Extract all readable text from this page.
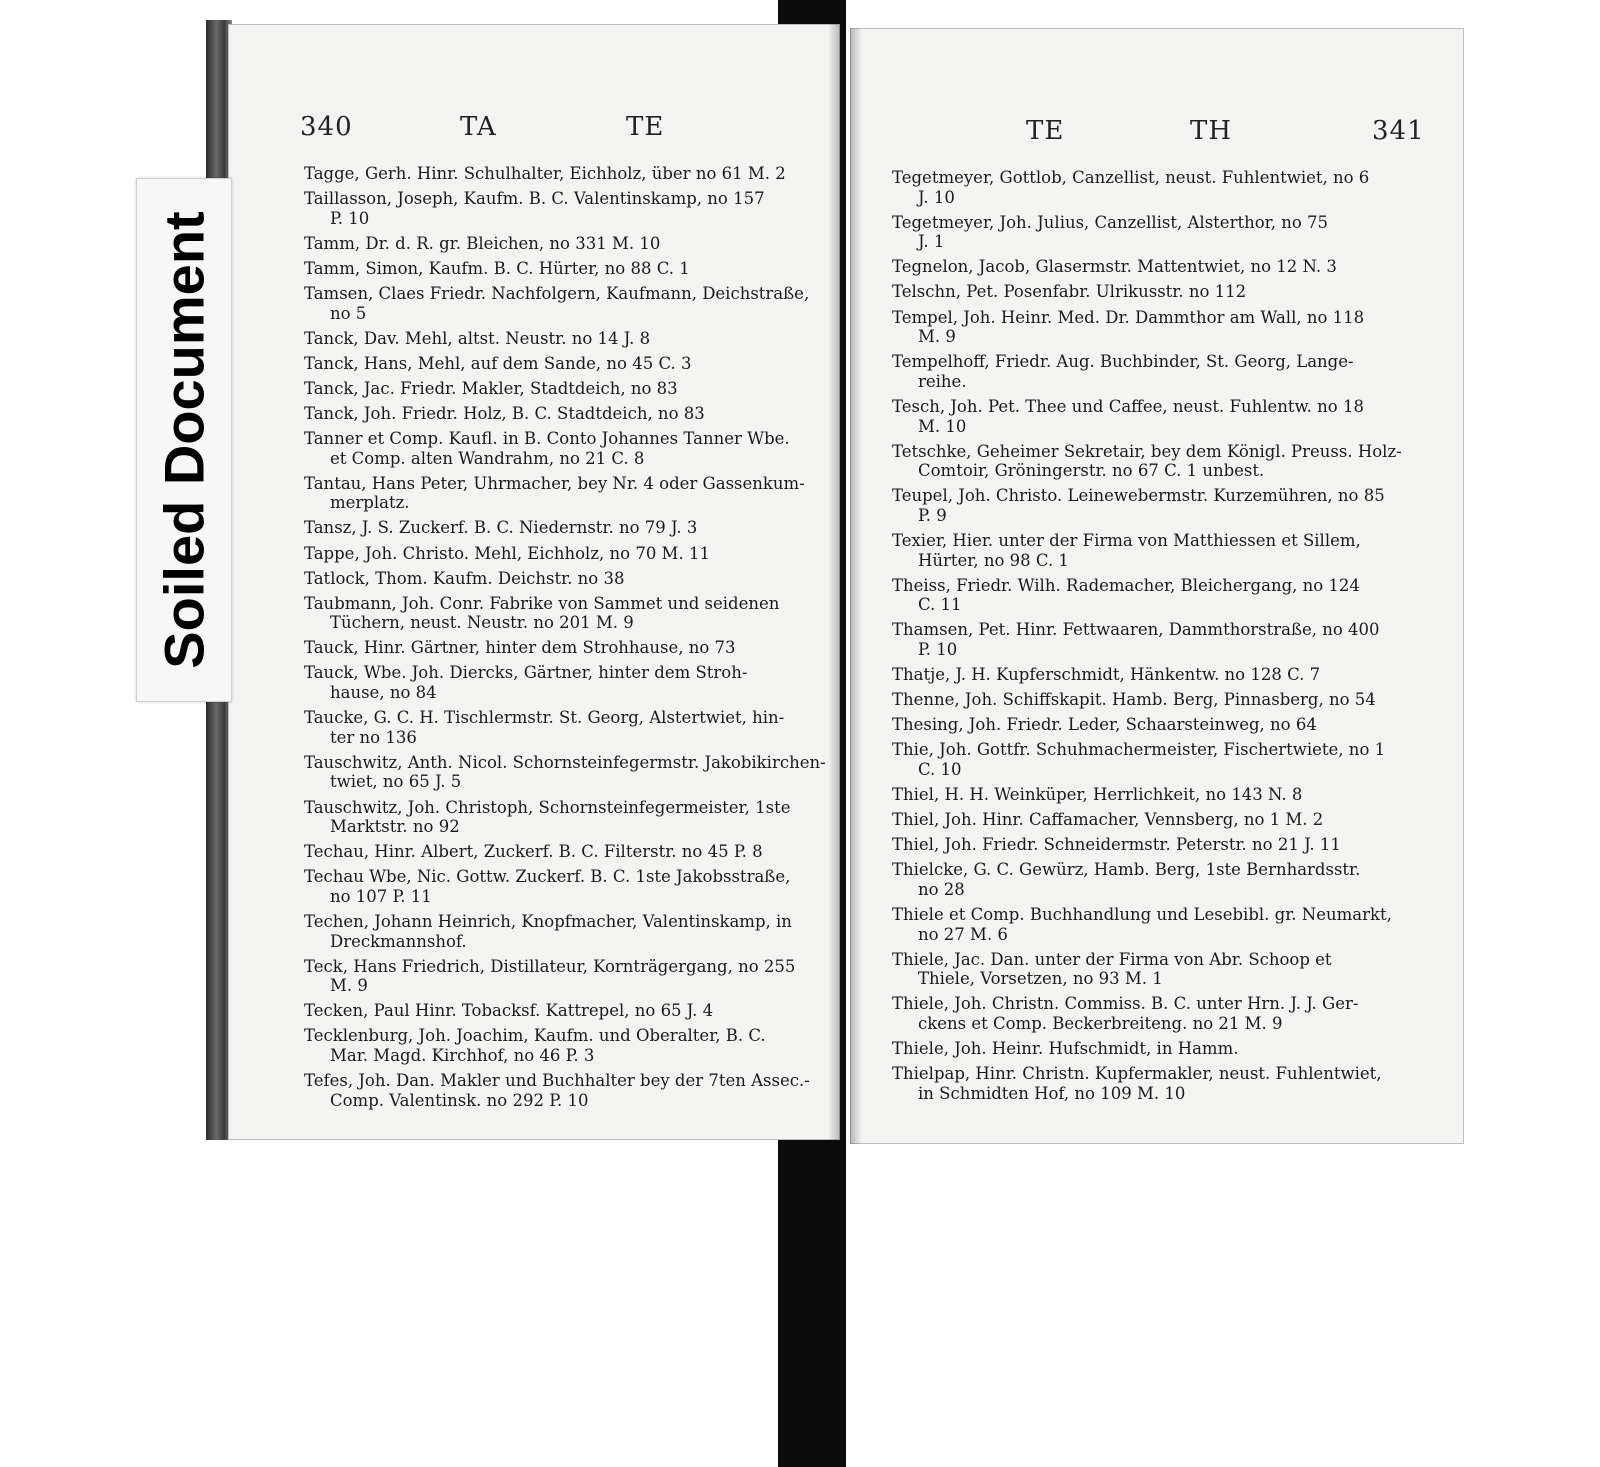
340	TA	TE
Tagge, Gerh. Hinr. Schulhalter, Eichholz, über no 61 M. 2
Taillasson, Joseph, Kaufm. B. C. Valentinskamp, no 157
P. 10
Tamm, Dr. d. R. gr. Bleichen, no 331 M. 10
Tamm, Simon, Kaufm. B. C. Hürter, no 88 C. 1
Tamsen, Claes Friedr. Nachfolgern, Kaufmann, Deichstraße,
no 5
Tanck, Dav. Mehl, altst. Neustr. no 14 J. 8
Tanck, Hans, Mehl, auf dem Sande, no 45 C. 3
Tanck, Jac. Friedr. Makler, Stadtdeich, no 83
Tanck, Joh. Friedr. Holz, B. C. Stadtdeich, no 83
Tanner et Comp. Kaufl. in B. Conto Johannes Tanner Wbe.
et Comp. alten Wandrahm, no 21 C. 8
Tantau, Hans Peter, Uhrmacher, bey Nr. 4 oder Gassenkum-
merplatz.
Tansz, J. S. Zuckerf. B. C. Niedernstr. no 79 J. 3
Tappe, Joh. Christo. Mehl, Eichholz, no 70 M. 11
Tatlock, Thom. Kaufm. Deichstr. no 38
Taubmann, Joh. Conr. Fabrike von Sammet und seidenen
Tüchern, neust. Neustr. no 201 M. 9
Tauck, Hinr. Gärtner, hinter dem Strohhause, no 73
Tauck, Wbe. Joh. Diercks, Gärtner, hinter dem Stroh-
hause, no 84
Taucke, G. C. H. Tischlermstr. St. Georg, Alstertwiet, hin-
ter no 136
Tauschwitz, Anth. Nicol. Schornsteinfegermstr. Jakobikirchen-
twiet, no 65 J. 5
Tauschwitz, Joh. Christoph, Schornsteinfegermeister, 1ste
Marktstr. no 92
Techau, Hinr. Albert, Zuckerf. B. C. Filterstr. no 45 P. 8
Techau Wbe, Nic. Gottw. Zuckerf. B. C. 1ste Jakobsstraße,
no 107 P. 11
Techen, Johann Heinrich, Knopfmacher, Valentinskamp, in
Dreckmannshof.
Teck, Hans Friedrich, Distillateur, Kornträgergang, no 255
M. 9
Tecken, Paul Hinr. Tobacksf. Kattrepel, no 65 J. 4
Tecklenburg, Joh. Joachim, Kaufm. und Oberalter, B. C.
Mar. Magd. Kirchhof, no 46 P. 3
Tefes, Joh. Dan. Makler und Buchhalter bey der 7ten Assec.-
Comp. Valentinsk. no 292 P. 10
TE	TH	341
Tegetmeyer, Gottlob, Canzellist, neust. Fuhlentwiet, no 6
J. 10
Tegetmeyer, Joh. Julius, Canzellist, Alsterthor, no 75
J. 1
Tegnelon, Jacob, Glasermstr. Mattentwiet, no 12 N. 3
Telschn, Pet. Posenfabr. Ulrikusstr. no 112
Tempel, Joh. Heinr. Med. Dr. Dammthor am Wall, no 118
M. 9
Tempelhoff, Friedr. Aug. Buchbinder, St. Georg, Lange-
reihe.
Tesch, Joh. Pet. Thee und Caffee, neust. Fuhlentw. no 18
M. 10
Tetschke, Geheimer Sekretair, bey dem Königl. Preuss. Holz-
Comtoir, Gröningerstr. no 67 C. 1 unbest.
Teupel, Joh. Christo. Leinewebermstr. Kurzemühren, no 85
P. 9
Texier, Hier. unter der Firma von Matthiessen et Sillem,
Hürter, no 98 C. 1
Theiss, Friedr. Wilh. Rademacher, Bleichergang, no 124
C. 11
Thamsen, Pet. Hinr. Fettwaaren, Dammthorstraße, no 400
P. 10
Thatje, J. H. Kupferschmidt, Hänkentw. no 128 C. 7
Thenne, Joh. Schiffskapit. Hamb. Berg, Pinnasberg, no 54
Thesing, Joh. Friedr. Leder, Schaarsteinweg, no 64
Thie, Joh. Gottfr. Schuhmachermeister, Fischertwiete, no 1
C. 10
Thiel, H. H. Weinküper, Herrlichkeit, no 143 N. 8
Thiel, Joh. Hinr. Caffamacher, Vennsberg, no 1 M. 2
Thiel, Joh. Friedr. Schneidermstr. Peterstr. no 21 J. 11
Thielcke, G. C. Gewürz, Hamb. Berg, 1ste Bernhardsstr.
no 28
Thiele et Comp. Buchhandlung und Lesebibl. gr. Neumarkt,
no 27 M. 6
Thiele, Jac. Dan. unter der Firma von Abr. Schoop et
Thiele, Vorsetzen, no 93 M. 1
Thiele, Joh. Christn. Commiss. B. C. unter Hrn. J. J. Ger-
ckens et Comp. Beckerbreiteng. no 21 M. 9
Thiele, Joh. Heinr. Hufschmidt, in Hamm.
Thielpap, Hinr. Christn. Kupfermakler, neust. Fuhlentwiet,
in Schmidten Hof, no 109 M. 10
Soiled Document
